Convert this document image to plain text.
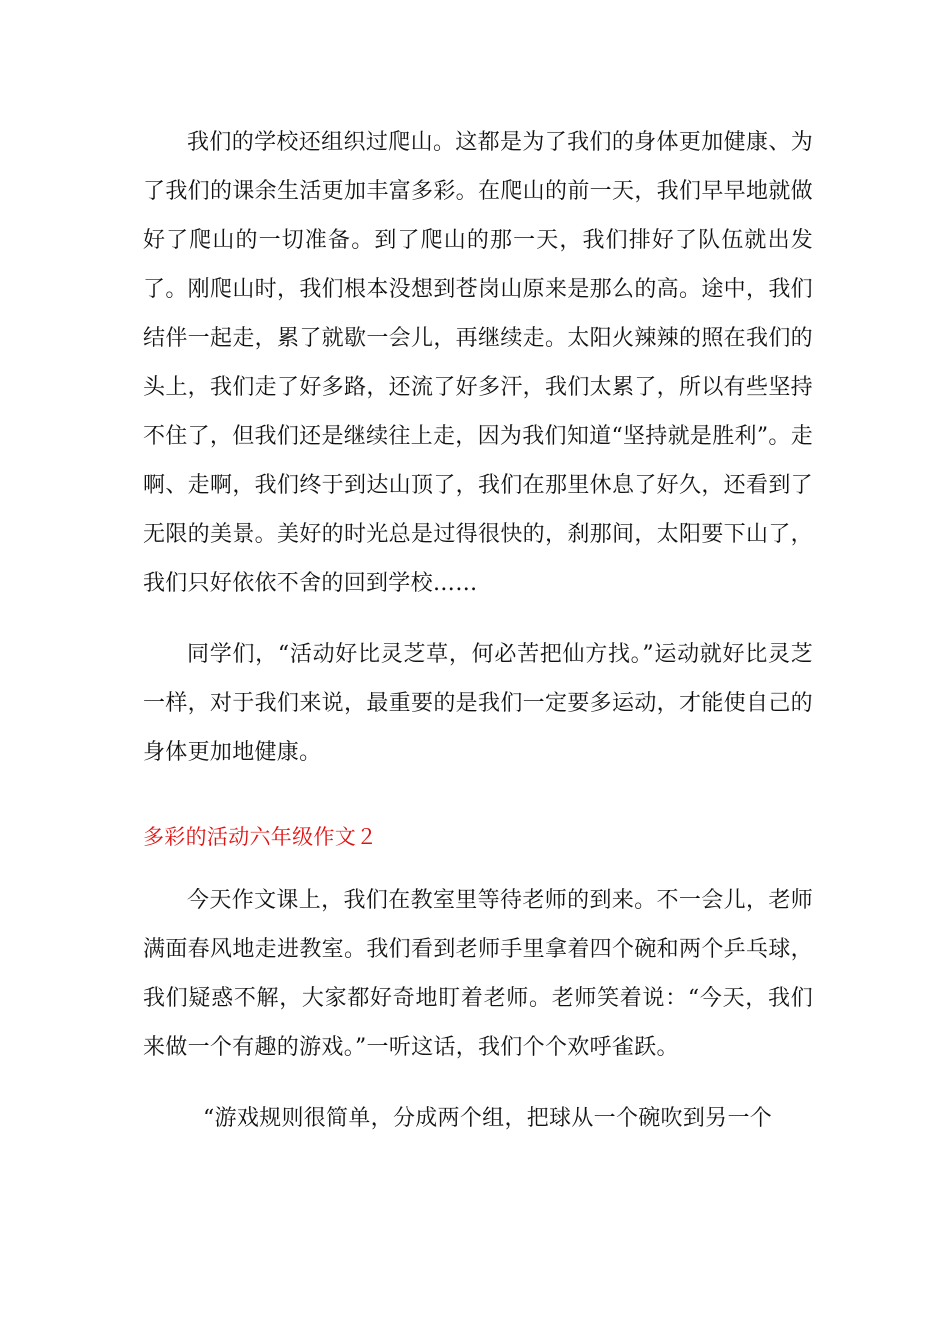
我们的学校还组织过爬山。这都是为了我们的身体更加健康、为了我们的课余生活更加丰富多彩。在爬山的前一天，我们早早地就做好了爬山的一切准备。到了爬山的那一天，我们排好了队伍就出发了。刚爬山时，我们根本没想到苍岗山原来是那么的高。途中，我们结伴一起走，累了就歇一会儿，再继续走。太阳火辣辣的照在我们的头上，我们走了好多路，还流了好多汗，我们太累了，所以有些坚持不住了，但我们还是继续往上走，因为我们知道“坚持就是胜利”。走啊、走啊，我们终于到达山顶了，我们在那里休息了好久，还看到了无限的美景。美好的时光总是过得很快的，刹那间，太阳要下山了，我们只好依依不舍的回到学校……

同学们，“活动好比灵芝草，何必苦把仙方找。”运动就好比灵芝一样，对于我们来说，最重要的是我们一定要多运动，才能使自己的身体更加地健康。

多彩的活动六年级作文２

今天作文课上，我们在教室里等待老师的到来。不一会儿，老师满面春风地走进教室。我们看到老师手里拿着四个碗和两个乒乓球，我们疑惑不解，大家都好奇地盯着老师。老师笑着说：“今天，我们来做一个有趣的游戏。”一听这话，我们个个欢呼雀跃。

“游戏规则很简单，分成两个组，把球从一个碗吹到另一个
